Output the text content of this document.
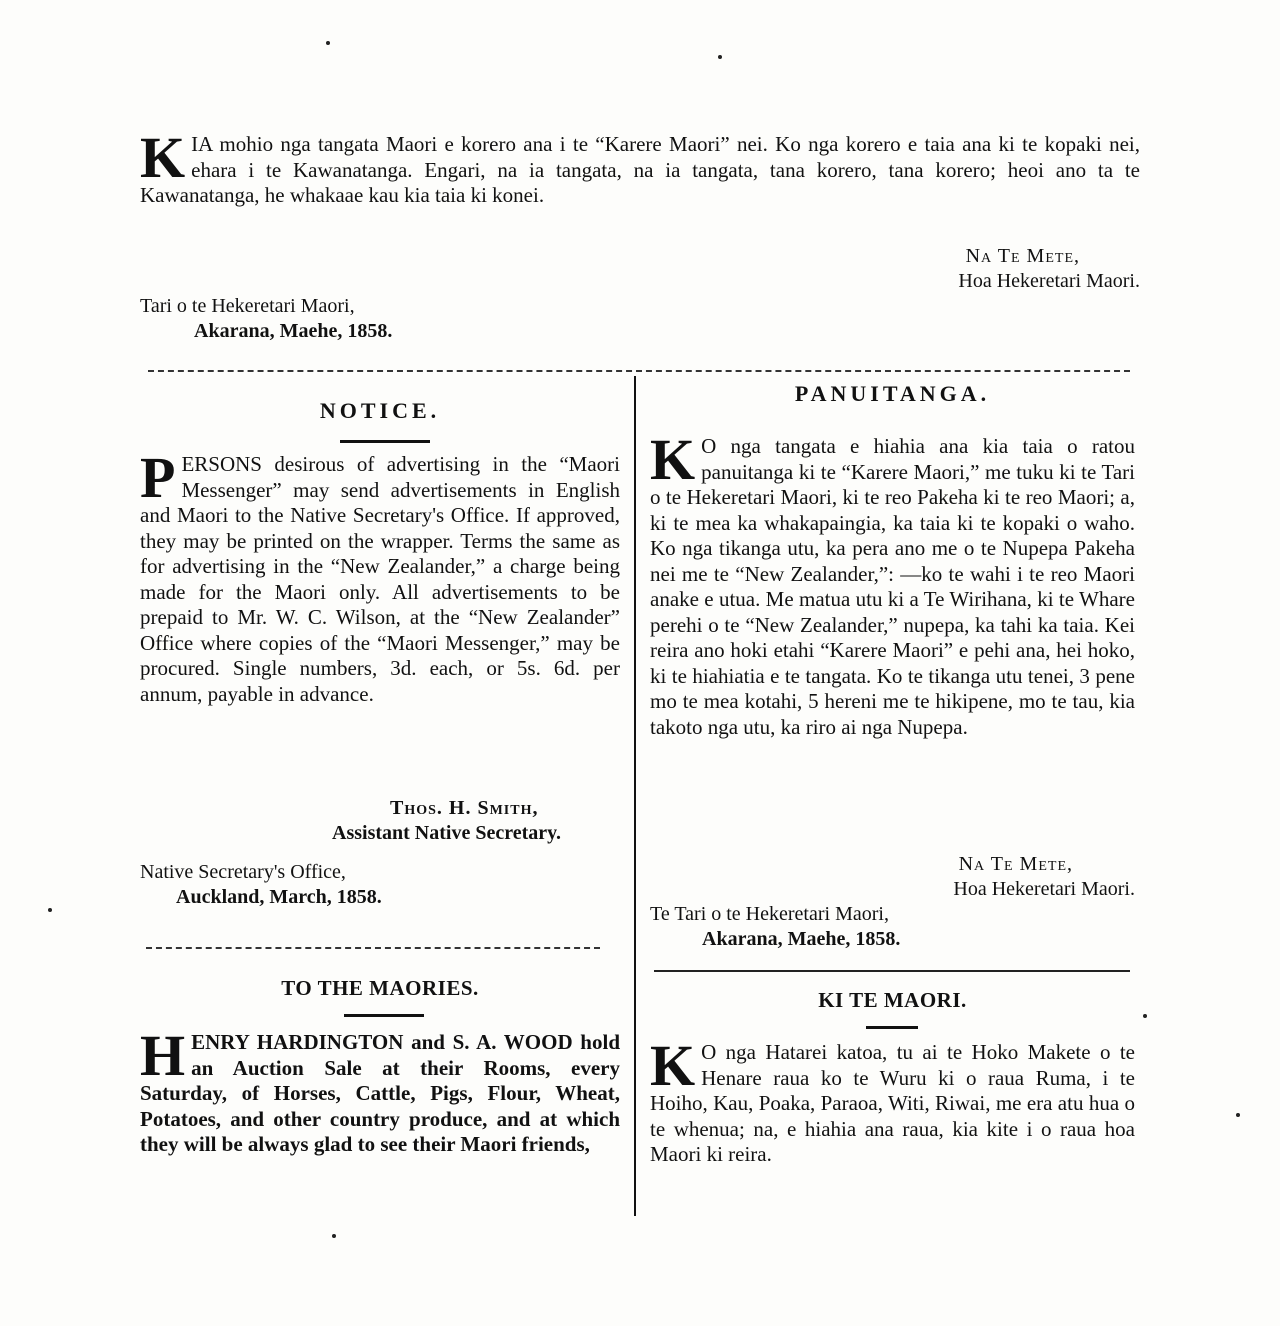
KIA mohio nga tangata Maori e korero ana i te “Karere Maori” nei. Ko nga korero e taia ana ki te kopaki nei, ehara i te Kawanatanga. Engari, na ia tangata, na ia tangata, tana korero, tana korero; heoi ano ta te Kawanatanga, he whakaae kau kia taia ki konei.
Na Te Mete,
Hoa Hekeretari Maori.
Tari o te Hekeretari Maori,
Akarana, Maehe, 1858.
NOTICE.
PERSONS desirous of advertising in the “Maori Messenger” may send advertisements in English and Maori to the Native Secretary's Office. If approved, they may be printed on the wrapper. Terms the same as for advertising in the “New Zealander,” a charge being made for the Maori only. All advertisements to be prepaid to Mr. W. C. Wilson, at the “New Zealander” Office where copies of the “Maori Messenger,” may be procured. Single numbers, 3d. each, or 5s. 6d. per annum, payable in advance.
Thos. H. Smith,
Assistant Native Secretary.
Native Secretary's Office,
Auckland, March, 1858.
TO THE MAORIES.
HENRY HARDINGTON and S. A. WOOD hold an Auction Sale at their Rooms, every Saturday, of Horses, Cattle, Pigs, Flour, Wheat, Potatoes, and other country produce, and at which they will be always glad to see their Maori friends,
PANUITANGA.
K O nga tangata e hiahia ana kia taia o ratou panuitanga ki te “Karere Maori,” me tuku ki te Tari o te Hekeretari Maori, ki te reo Pakeha ki te reo Maori; a, ki te mea ka whakapaingia, ka taia ki te kopaki o waho. Ko nga tikanga utu, ka pera ano me o te Nupepa Pakeha nei me te “New Zealander,”: —ko te wahi i te reo Maori anake e utua. Me matua utu ki a Te Wirihana, ki te Whare perehi o te “New Zealander,” nupepa, ka tahi ka taia. Kei reira ano hoki etahi “Karere Maori” e pehi ana, hei hoko, ki te hiahiatia e te tangata. Ko te tikanga utu tenei, 3 pene mo te mea kotahi, 5 hereni me te hikipene, mo te tau, kia takoto nga utu, ka riro ai nga Nupepa.
Na Te Mete,
Hoa Hekeretari Maori.
Te Tari o te Hekeretari Maori,
Akarana, Maehe, 1858.
KI TE MAORI.
K O nga Hatarei katoa, tu ai te Hoko Makete o te Henare raua ko te Wuru ki o raua Ruma, i te Hoiho, Kau, Poaka, Paraoa, Witi, Riwai, me era atu hua o te whenua; na, e hiahia ana raua, kia kite i o raua hoa Maori ki reira.
